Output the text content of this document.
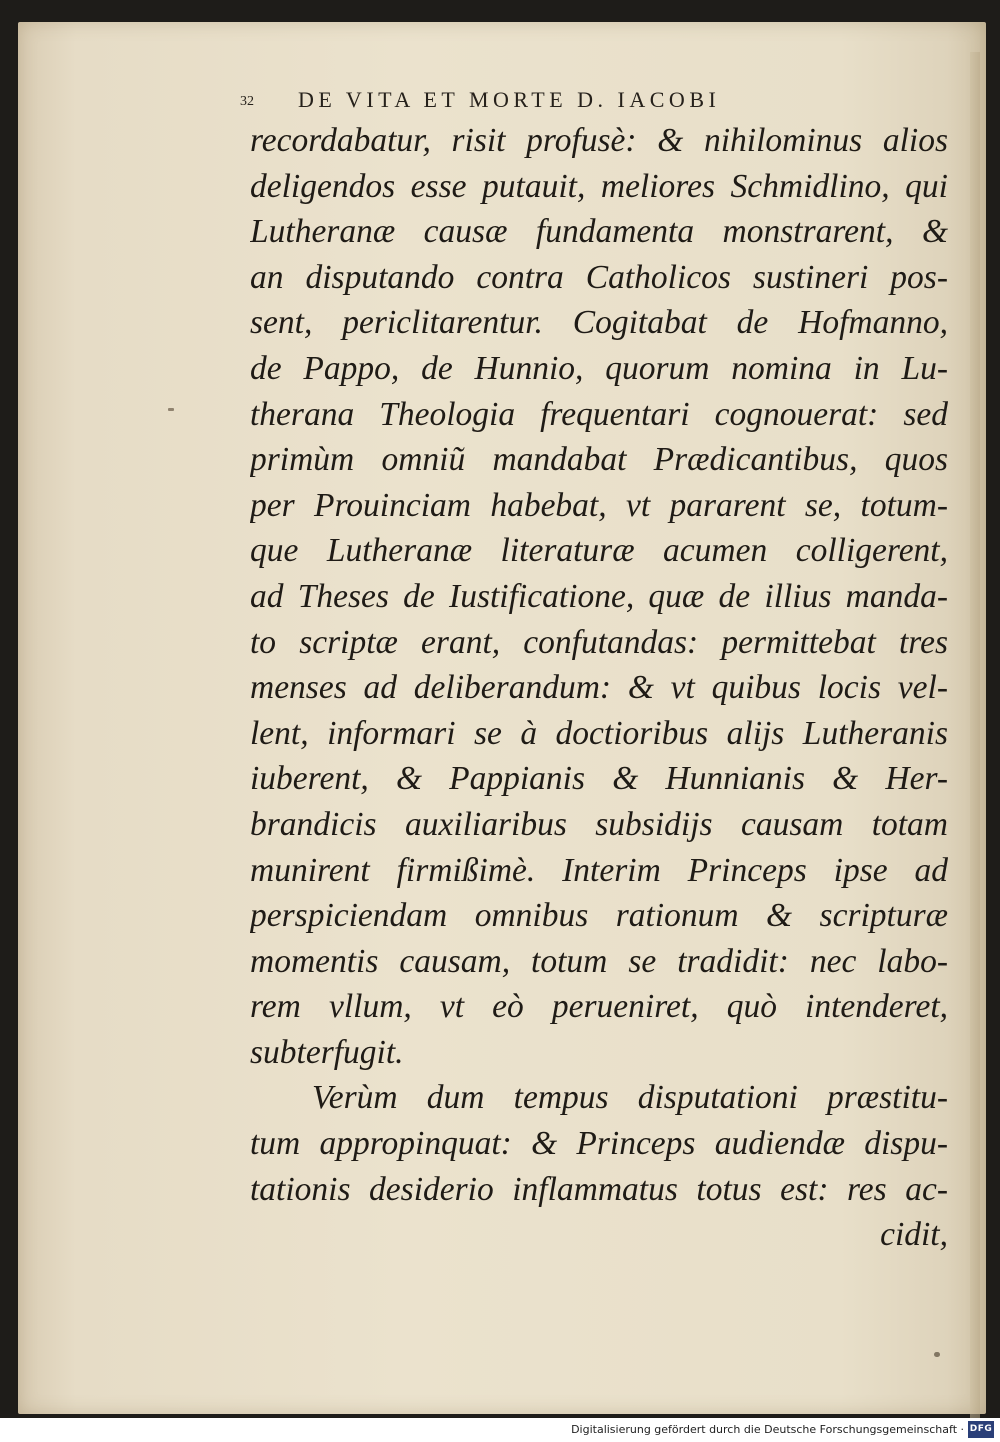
32 DE VITA ET MORTE D. IACOBI
recordabatur, risit profusè: & nihilominus alios
deligendos esse putauit, meliores Schmidlino, qui
Lutheranæ causæ fundamenta monstrarent, &
an disputando contra Catholicos sustineri pos-
sent, periclitarentur. Cogitabat de Hofmanno,
de Pappo, de Hunnio, quorum nomina in Lu-
therana Theologia frequentari cognouerat: sed
primùm omniũ mandabat Prædicantibus, quos
per Prouinciam habebat, vt pararent se, totum-
que Lutheranæ literaturæ acumen colligerent,
ad Theses de Iustificatione, quæ de illius manda-
to scriptæ erant, confutandas: permittebat tres
menses ad deliberandum: & vt quibus locis vel-
lent, informari se à doctioribus alijs Lutheranis
iuberent, & Pappianis & Hunnianis & Her-
brandicis auxiliaribus subsidijs causam totam
munirent firmißimè. Interim Princeps ipse ad
perspiciendam omnibus rationum & scripturæ
momentis causam, totum se tradidit: nec labo-
rem vllum, vt eò perueniret, quò intenderet,
subterfugit.
Verùm dum tempus disputationi præstitu-
tum appropinquat: & Princeps audiendæ dispu-
tationis desiderio inflammatus totus est: res ac-
cidit,
Digitalisierung gefördert durch die Deutsche Forschungsgemeinschaft · DFG
